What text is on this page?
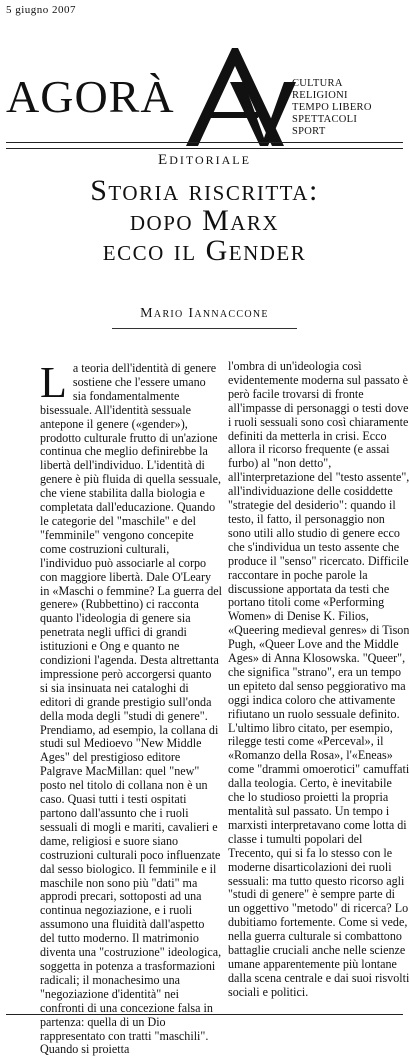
5 giugno 2007
AGORÀ	CULTURA
RELIGIONI
TEMPO LIBERO
SPETTACOLI
SPORT
EDITORIALE
Storia riscritta:
dopo Marx
ecco il Gender
Mario Iannaccone
L a teoria dell'identità di genere sostiene che l'essere umano sia fondamentalmente bisessuale. All'identità sessuale antepone il genere («gender»), prodotto culturale frutto di un'azione continua che meglio definirebbe la libertà dell'individuo. L'identità di genere è più fluida di quella sessuale, che viene stabilita dalla biologia e completata dall'educazione. Quando le categorie del "maschile" e del "femminile" vengono concepite come costruzioni culturali, l'individuo può associarle al corpo con maggiore libertà. Dale O'Leary in «Maschi o femmine? La guerra del genere» (Rubbettino) ci racconta quanto l'ideologia di genere sia penetrata negli uffici di grandi istituzioni e Ong e quanto ne condizioni l'agenda. Desta altrettanta impressione però accorgersi quanto si sia insinuata nei cataloghi di editori di grande prestigio sull'onda della moda degli "studi di genere". Prendiamo, ad esempio, la collana di studi sul Medioevo "New Middle Ages" del prestigioso editore Palgrave MacMillan: quel "new" posto nel titolo di collana non è un caso. Quasi tutti i testi ospitati partono dall'assunto che i ruoli sessuali di mogli e mariti, cavalieri e dame, religiosi e suore siano costruzioni culturali poco influenzate dal sesso biologico. Il femminile e il maschile non sono più "dati" ma approdi precari, sottoposti ad una continua negoziazione, e i ruoli assumono una fluidità dall'aspetto del tutto moderno. Il matrimonio diventa una "costruzione" ideologica, soggetta in potenza a trasformazioni radicali; il monachesimo una "negoziazione d'identità" nei confronti di una concezione falsa in partenza: quella di un Dio rappresentato con tratti "maschili". Quando si proietta

l'ombra di un'ideologia così evidentemente moderna sul passato è però facile trovarsi di fronte all'impasse di personaggi o testi dove i ruoli sessuali sono così chiaramente definiti da metterla in crisi. Ecco allora il ricorso frequente (e assai furbo) al "non detto", all'interpretazione del "testo assente", all'individuazione delle cosiddette "strategie del desiderio": quando il testo, il fatto, il personaggio non sono utili allo studio di genere ecco che s'individua un testo assente che produce il "senso" ricercato. Difficile raccontare in poche parole la discussione apportata da testi che portano titoli come «Performing Women» di Denise K. Filios, «Queering medieval genres» di Tison Pugh, «Queer Love and the Middle Ages» di Anna Klosowska. "Queer", che significa "strano", era un tempo un epiteto dal senso peggiorativo ma oggi indica coloro che attivamente rifiutano un ruolo sessuale definito. L'ultimo libro citato, per esempio, rilegge testi come «Perceval», il «Romanzo della Rosa», l'«Eneas» come "drammi omoerotici" camuffati dalla teologia. Certo, è inevitabile che lo studioso proietti la propria mentalità sul passato. Un tempo i marxisti interpretavano come lotta di classe i tumulti popolari del Trecento, qui si fa lo stesso con le moderne disarticolazioni dei ruoli sessuali: ma tutto questo ricorso agli "studi di genere" è sempre parte di un oggettivo "metodo" di ricerca? Lo dubitiamo fortemente. Come si vede, nella guerra culturale si combattono battaglie cruciali anche nelle scienze umane apparentemente più lontane dalla scena centrale e dai suoi risvolti sociali e politici.
